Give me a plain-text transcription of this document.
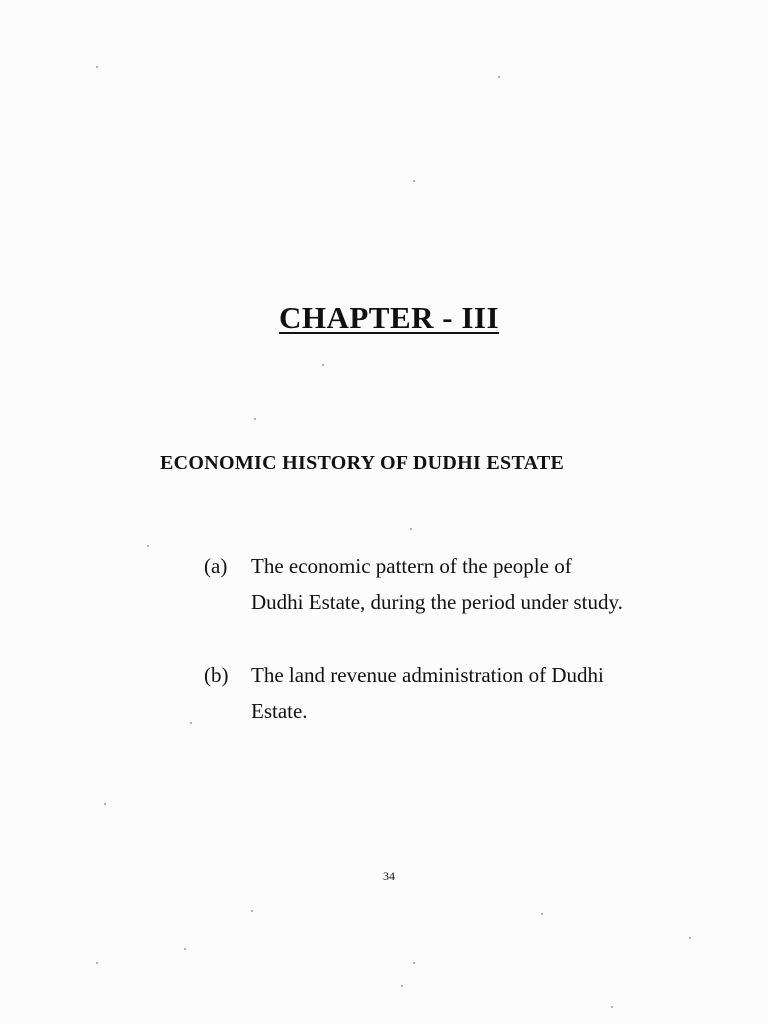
CHAPTER - III
ECONOMIC HISTORY OF DUDHI ESTATE
(a) The economic pattern of the people of
Dudhi Estate, during the period under study.
(b) The land revenue administration of Dudhi
Estate.
34
